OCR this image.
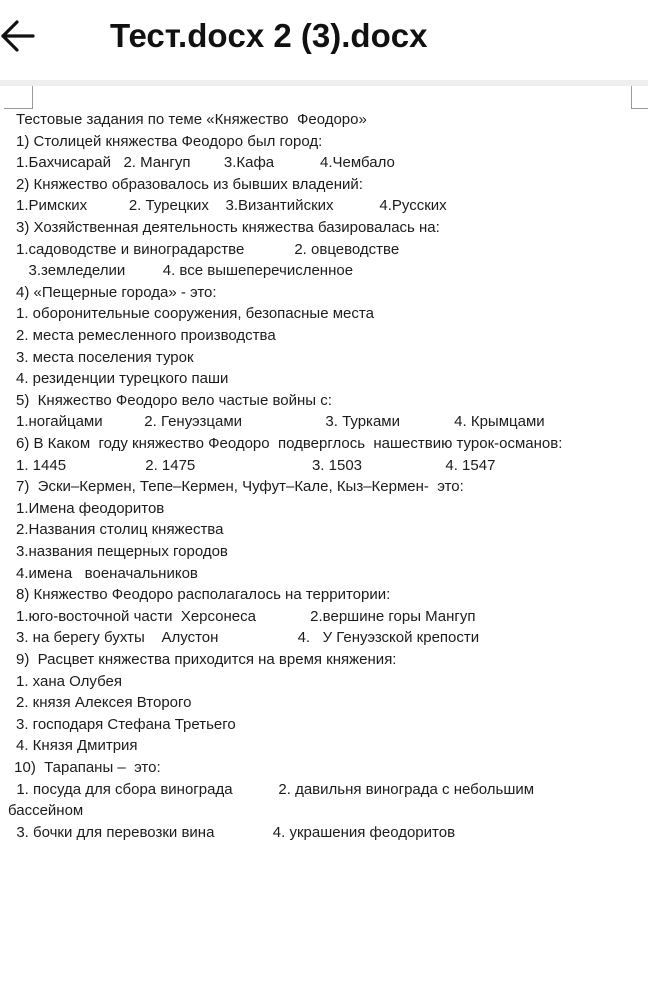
Тест.docx 2 (3).docx
Тестовые задания по теме «Княжество  Феодоро»
1) Столицей княжества Феодоро был город:
1.Бахчисарай   2. Мангуп        3.Кафа           4.Чембало
2) Княжество образовалось из бывших владений:
1.Римских          2. Турецких    3.Византийских           4.Русских
3) Хозяйственная деятельность княжества базировалась на:
1.садоводстве и виноградарстве            2. овцеводстве
3.земледелии         4. все вышеперечисленное
4) «Пещерные города» - это:
1. оборонительные сооружения, безопасные места
2. места ремесленного производства
3. места поселения турок
4. резиденции турецкого паши
5)  Княжество Феодоро вело частые войны с:
1.ногайцами          2. Генуэзцами                    3. Турками             4. Крымцами
6) В Каком  году княжество Феодоро  подверглось  нашествию турок-османов:
1. 1445                   2. 1475                            3. 1503                    4. 1547
7)  Эски–Кермен, Тепе–Кермен, Чуфут–Кале, Кыз–Кермен-  это:
1.Имена феодоритов
2.Названия столиц княжества
3.названия пещерных городов
4.имена   военачальников
8) Княжество Феодоро располагалось на территории:
1.юго-восточной части  Херсонеса             2.вершине горы Мангуп
3. на берегу бухты    Алустон                   4.   У Генуэзской крепости
9)  Расцвет княжества приходится на время княжения:
1. хана Олубея
2. князя Алексея Второго
3. господаря Стефана Третьего
4. Князя Дмитрия
10)  Тарапаны –  это:
1. посуда для сбора винограда           2. давильня винограда с небольшим
бассейном
3. бочки для перевозки вина              4. украшения феодоритов
